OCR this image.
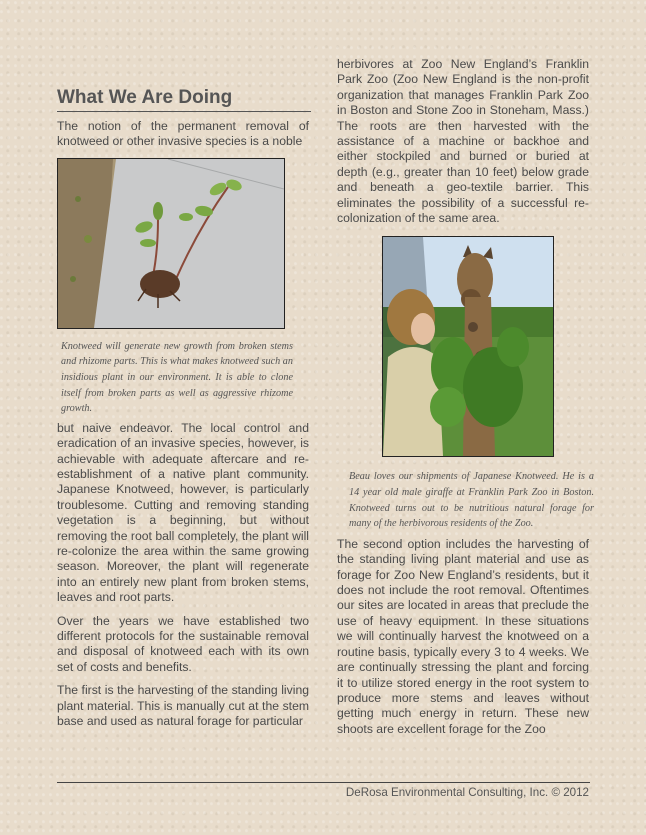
What We Are Doing

The notion of the permanent removal of knotweed or other invasive species is a noble

Knotweed will generate new growth from broken stems and rhizome parts. This is what makes knotweed such an insidious plant in our environment. It is able to clone itself from broken parts as well as aggressive rhizome growth.

but naive endeavor. The local control and eradication of an invasive species, however, is achievable with adequate aftercare and re-establishment of a native plant community. Japanese Knotweed, however, is particularly troublesome. Cutting and removing standing vegetation is a beginning, but without removing the root ball completely, the plant will re-colonize the area within the same growing season. Moreover, the plant will regenerate into an entirely new plant from broken stems, leaves and root parts.

Over the years we have established two different protocols for the sustainable removal and disposal of knotweed each with its own set of costs and benefits.

The first is the harvesting of the standing living plant material. This is manually cut at the stem base and used as natural forage for particular

herbivores at Zoo New England’s Franklin Park Zoo (Zoo New England is the non-profit organization that manages Franklin Park Zoo in Boston and Stone Zoo in Stoneham, Mass.) The roots are then harvested with the assistance of a machine or backhoe and either stockpiled and burned or buried at depth (e.g., greater than 10 feet) below grade and beneath a geo-textile barrier. This eliminates the possibility of a successful re-colonization of the same area.

Beau loves our shipments of Japanese Knotweed. He is a 14 year old male giraffe at Franklin Park Zoo in Boston. Knotweed turns out to be nutritious natural forage for many of the herbivorous residents of the Zoo.

The second option includes the harvesting of the standing living plant material and use as forage for Zoo New England’s residents, but it does not include the root removal. Oftentimes our sites are located in areas that preclude the use of heavy equipment. In these situations we will continually harvest the knotweed on a routine basis, typically every 3 to 4 weeks. We are continually stressing the plant and forcing it to utilize stored energy in the root system to produce more stems and leaves without getting much energy in return. These new shoots are excellent forage for the Zoo

DeRosa Environmental Consulting, Inc. © 2012
